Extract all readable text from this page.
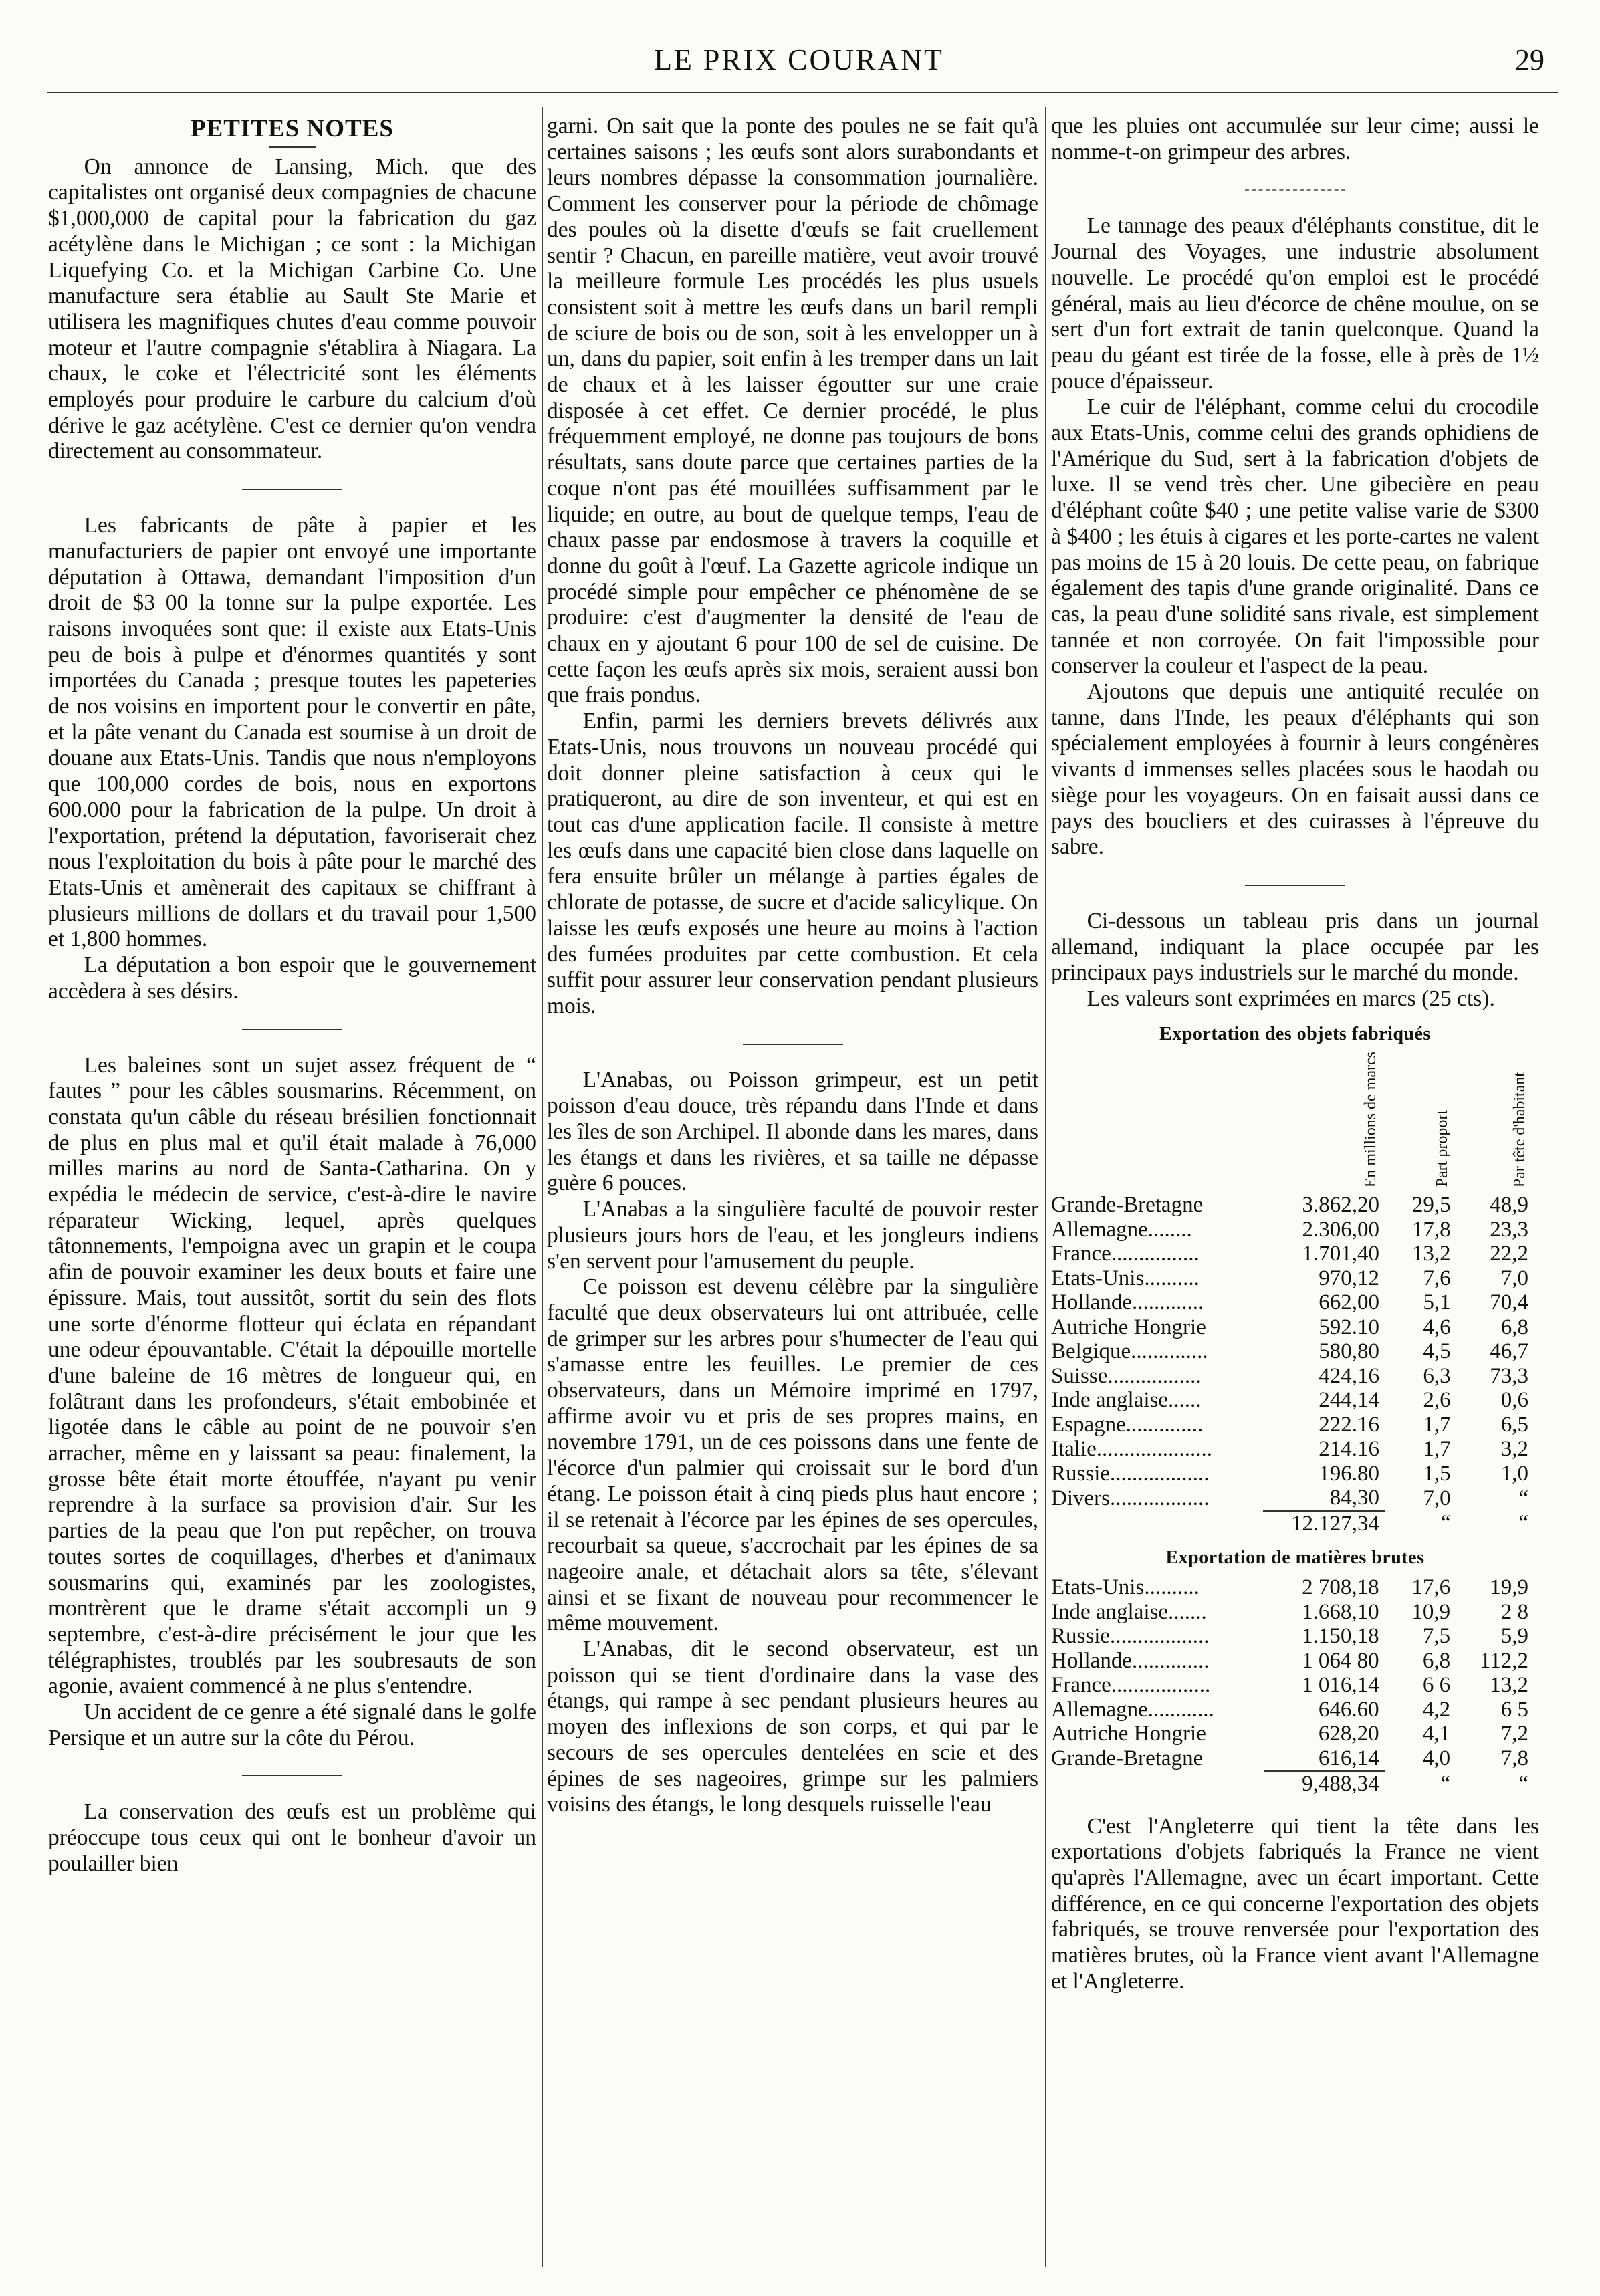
LE PRIX COURANT	29
PETITES NOTES

On annonce de Lansing, Mich. que des capitalistes ont organisé deux compagnies de chacune $1,000,000 de capital pour la fabrication du gaz acétylène dans le Michigan ; ce sont : la Michigan Liquefying Co. et la Michigan Carbine Co. Une manufacture sera établie au Sault Ste Marie et utilisera les magnifiques chutes d'eau comme pouvoir moteur et l'autre compagnie s'établira à Niagara. La chaux, le coke et l'électricité sont les éléments employés pour produire le carbure du calcium d'où dérive le gaz acétylène. C'est ce dernier qu'on vendra directement au consommateur.

Les fabricants de pâte à papier et les manufacturiers de papier ont envoyé une importante députation à Ottawa, demandant l'imposition d'un droit de $3 00 la tonne sur la pulpe exportée. Les raisons invoquées sont que: il existe aux Etats-Unis peu de bois à pulpe et d'énormes quantités y sont importées du Canada ; presque toutes les papeteries de nos voisins en importent pour le convertir en pâte, et la pâte venant du Canada est soumise à un droit de douane aux Etats-Unis. Tandis que nous n'employons que 100,000 cordes de bois, nous en exportons 600.000 pour la fabrication de la pulpe. Un droit à l'exportation, prétend la députation, favoriserait chez nous l'exploitation du bois à pâte pour le marché des Etats-Unis et amènerait des capitaux se chiffrant à plusieurs millions de dollars et du travail pour 1,500 et 1,800 hommes.

La députation a bon espoir que le gouvernement accèdera à ses désirs.

Les baleines sont un sujet assez fréquent de “ fautes ” pour les câbles sousmarins. Récemment, on constata qu'un câble du réseau brésilien fonctionnait de plus en plus mal et qu'il était malade à 76,000 milles marins au nord de Santa-Catharina. On y expédia le médecin de service, c'est-à-dire le navire réparateur Wicking, lequel, après quelques tâtonnements, l'empoigna avec un grapin et le coupa afin de pouvoir examiner les deux bouts et faire une épissure. Mais, tout aussitôt, sortit du sein des flots une sorte d'énorme flotteur qui éclata en répandant une odeur épouvantable. C'était la dépouille mortelle d'une baleine de 16 mètres de longueur qui, en folâtrant dans les profondeurs, s'était embobinée et ligotée dans le câble au point de ne pouvoir s'en arracher, même en y laissant sa peau: finalement, la grosse bête était morte étouffée, n'ayant pu venir reprendre à la surface sa provision d'air. Sur les parties de la peau que l'on put repêcher, on trouva toutes sortes de coquillages, d'herbes et d'animaux sousmarins qui, examinés par les zoologistes, montrèrent que le drame s'était accompli un 9 septembre, c'est-à-dire précisément le jour que les télégraphistes, troublés par les soubresauts de son agonie, avaient commencé à ne plus s'entendre.

Un accident de ce genre a été signalé dans le golfe Persique et un autre sur la côte du Pérou.

La conservation des œufs est un problème qui préoccupe tous ceux qui ont le bonheur d'avoir un poulailler bien

garni. On sait que la ponte des poules ne se fait qu'à certaines saisons ; les œufs sont alors surabondants et leurs nombres dépasse la consommation journalière. Comment les conserver pour la période de chômage des poules où la disette d'œufs se fait cruellement sentir ? Chacun, en pareille matière, veut avoir trouvé la meilleure formule Les procédés les plus usuels consistent soit à mettre les œufs dans un baril rempli de sciure de bois ou de son, soit à les envelopper un à un, dans du papier, soit enfin à les tremper dans un lait de chaux et à les laisser égoutter sur une craie disposée à cet effet. Ce dernier procédé, le plus fréquemment employé, ne donne pas toujours de bons résultats, sans doute parce que certaines parties de la coque n'ont pas été mouillées suffisamment par le liquide; en outre, au bout de quelque temps, l'eau de chaux passe par endosmose à travers la coquille et donne du goût à l'œuf. La Gazette agricole indique un procédé simple pour empêcher ce phénomène de se produire: c'est d'augmenter la densité de l'eau de chaux en y ajoutant 6 pour 100 de sel de cuisine. De cette façon les œufs après six mois, seraient aussi bon que frais pondus.

Enfin, parmi les derniers brevets délivrés aux Etats-Unis, nous trouvons un nouveau procédé qui doit donner pleine satisfaction à ceux qui le pratiqueront, au dire de son inventeur, et qui est en tout cas d'une application facile. Il consiste à mettre les œufs dans une capacité bien close dans laquelle on fera ensuite brûler un mélange à parties égales de chlorate de potasse, de sucre et d'acide salicylique. On laisse les œufs exposés une heure au moins à l'action des fumées produites par cette combustion. Et cela suffit pour assurer leur conservation pendant plusieurs mois.

L'Anabas, ou Poisson grimpeur, est un petit poisson d'eau douce, très répandu dans l'Inde et dans les îles de son Archipel. Il abonde dans les mares, dans les étangs et dans les rivières, et sa taille ne dépasse guère 6 pouces.

L'Anabas a la singulière faculté de pouvoir rester plusieurs jours hors de l'eau, et les jongleurs indiens s'en servent pour l'amusement du peuple.

Ce poisson est devenu célèbre par la singulière faculté que deux observateurs lui ont attribuée, celle de grimper sur les arbres pour s'humecter de l'eau qui s'amasse entre les feuilles. Le premier de ces observateurs, dans un Mémoire imprimé en 1797, affirme avoir vu et pris de ses propres mains, en novembre 1791, un de ces poissons dans une fente de l'écorce d'un palmier qui croissait sur le bord d'un étang. Le poisson était à cinq pieds plus haut encore ; il se retenait à l'écorce par les épines de ses opercules, recourbait sa queue, s'accrochait par les épines de sa nageoire anale, et détachait alors sa tête, s'élevant ainsi et se fixant de nouveau pour recommencer le même mouvement.

L'Anabas, dit le second observateur, est un poisson qui se tient d'ordinaire dans la vase des étangs, qui rampe à sec pendant plusieurs heures au moyen des inflexions de son corps, et qui par le secours de ses opercules dentelées en scie et des épines de ses nageoires, grimpe sur les palmiers voisins des étangs, le long desquels ruisselle l'eau

que les pluies ont accumulée sur leur cime; aussi le nomme-t-on grimpeur des arbres.

Le tannage des peaux d'éléphants constitue, dit le Journal des Voyages, une industrie absolument nouvelle. Le procédé qu'on emploi est le procédé général, mais au lieu d'écorce de chêne moulue, on se sert d'un fort extrait de tanin quelconque. Quand la peau du géant est tirée de la fosse, elle à près de 1½ pouce d'épaisseur.

Le cuir de l'éléphant, comme celui du crocodile aux Etats-Unis, comme celui des grands ophidiens de l'Amérique du Sud, sert à la fabrication d'objets de luxe. Il se vend très cher. Une gibecière en peau d'éléphant coûte $40 ; une petite valise varie de $300 à $400 ; les étuis à cigares et les porte-cartes ne valent pas moins de 15 à 20 louis. De cette peau, on fabrique également des tapis d'une grande originalité. Dans ce cas, la peau d'une solidité sans rivale, est simplement tannée et non corroyée. On fait l'impossible pour conserver la couleur et l'aspect de la peau.

Ajoutons que depuis une antiquité reculée on tanne, dans l'Inde, les peaux d'éléphants qui son spécialement employées à fournir à leurs congénères vivants d immenses selles placées sous le haodah ou siège pour les voyageurs. On en faisait aussi dans ce pays des boucliers et des cuirasses à l'épreuve du sabre.

Ci-dessous un tableau pris dans un journal allemand, indiquant la place occupée par les principaux pays industriels sur le marché du monde.

Les valeurs sont exprimées en marcs (25 cts).

Exportation des objets fabriqués
	En millions de marcs	Part proport	Par tête d'habitant
Grande-Bretagne	3.862,20	29,5	48,9
Allemagne........	2.306,00	17,8	23,3
France................	1.701,40	13,2	22,2
Etats-Unis..........	970,12	7,6	7,0
Hollande.............	662,00	5,1	70,4
Autriche Hongrie	592.10	4,6	6,8
Belgique..............	580,80	4,5	46,7
Suisse.................	424,16	6,3	73,3
Inde anglaise......	244,14	2,6	0,6
Espagne..............	222.16	1,7	6,5
Italie.....................	214.16	1,7	3,2
Russie..................	196.80	1,5	1,0
Divers..................	84,30	7,0	“
	12.127,34	“	“
Exportation de matières brutes
Etats-Unis..........	2 708,18	17,6	19,9
Inde anglaise.......	1.668,10	10,9	2 8
Russie..................	1.150,18	7,5	5,9
Hollande..............	1 064 80	6,8	112,2
France..................	1 016,14	6 6	13,2
Allemagne............	646.60	4,2	6 5
Autriche Hongrie	628,20	4,1	7,2
Grande-Bretagne	616,14	4,0	7,8
	9,488,34	“	“

C'est l'Angleterre qui tient la tête dans les exportations d'objets fabriqués la France ne vient qu'après l'Allemagne, avec un écart important. Cette différence, en ce qui concerne l'exportation des objets fabriqués, se trouve renversée pour l'exportation des matières brutes, où la France vient avant l'Allemagne et l'Angleterre.
